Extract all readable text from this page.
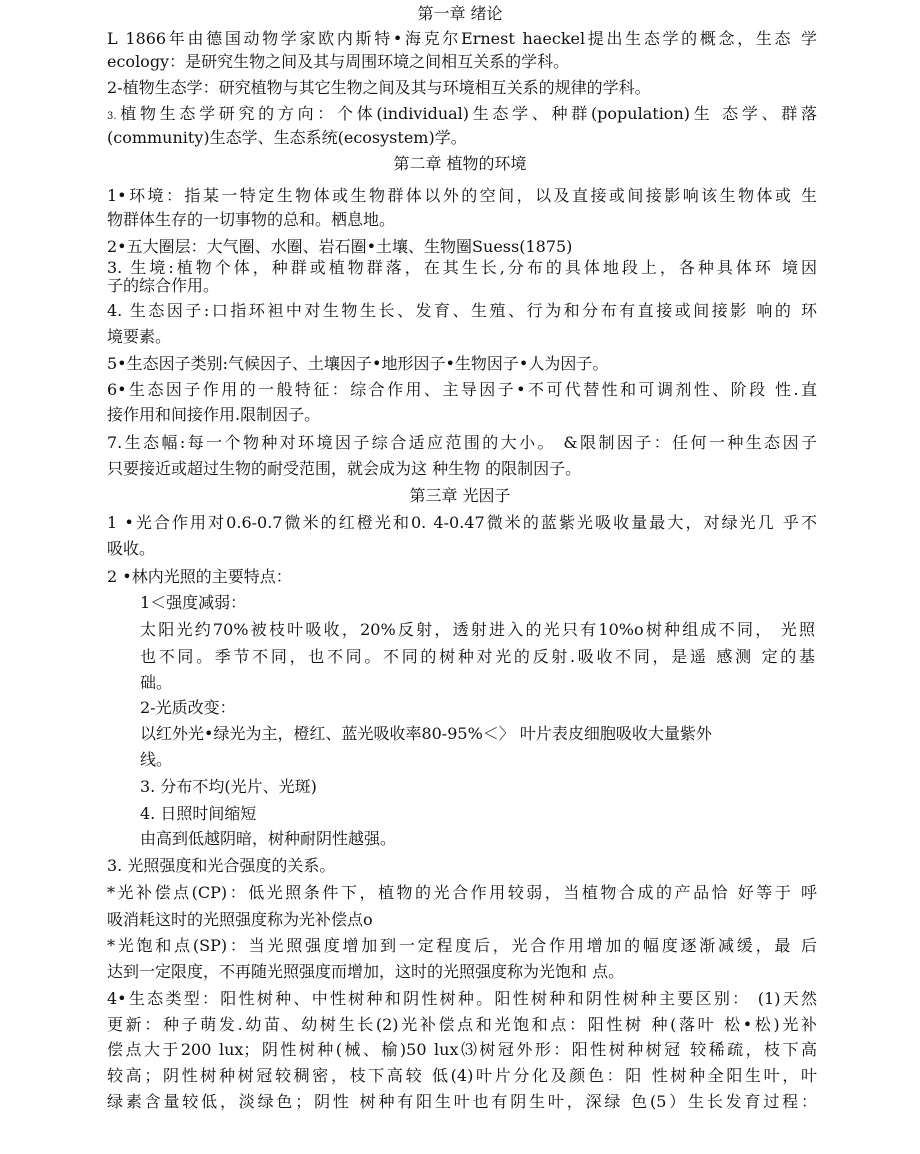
第一章 绪论

L 1866年由德国动物学家欧内斯特•海克尔Ernest haeckel提出生态学的概念，生态 学

ecology：是研究生物之间及其与周围环境之间相互关系的学科。

2-植物生态学：研究植物与其它生物之间及其与环境相互关系的规律的学科。

3.植物生态学研究的方向：个体(individual)生态学、种群(population)生 态学、群落

(community)生态学、生态系统(ecosystem)学。

第二章 植物的环境

1•环境：指某一特定生物体或生物群体以外的空间，以及直接或间接影响该生物体或 生

物群体生存的一切事物的总和。栖息地。

2•五大圈层：大气圈、水圈、岩石圈•土壤、生物圈Suess(1875)

3. 生境:植物个体，种群或植物群落，在其生长,分布的具体地段上，各种具体环 境因

子的综合作用。

4. 生态因子:口指环袒中对生物生长、发育、生殖、行为和分布有直接或间接影 响的 环

境要素。

5•生态因子类别:气候因子、土壤因子•地形因子•生物因子•人为因子。

6•生态因子作用的一般特征：综合作用、主导因子•不可代替性和可调剂性、阶段 性.直

接作用和间接作用.限制因子。

7.生态幅:每一个物种对环境因子综合适应范围的大小。 &限制因子：任何一种生态因子

只要接近或超过生物的耐受范围，就会成为这 种生物 的限制因子。

第三章 光因子

1 •光合作用对0.6-0.7微米的红橙光和0. 4-0.47微米的蓝紫光吸收量最大，对绿光几 乎不

吸收。

2 •林内光照的主要特点：

1＜强度减弱：

太阳光约70%被枝叶吸收，20%反射，透射进入的光只有10%o树种组成不同， 光照

也不同。季节不同，也不同。不同的树种对光的反射.吸收不同，是遥 感测 定的基

础。

2-光质改变：

以红外光•绿光为主，橙红、蓝光吸收率80-95%＜〉 叶片表皮细胞吸收大量紫外

线。

3. 分布不均(光片、光斑)

4. 日照时间缩短

由高到低越阴暗，树种耐阴性越强。

3. 光照强度和光合强度的关系。

*光补偿点(CP)：低光照条件下，植物的光合作用较弱，当植物合成的产品恰 好等于 呼

吸消耗这时的光照强度称为光补偿点o

*光饱和点(SP)：当光照强度增加到一定程度后，光合作用增加的幅度逐渐减缓，最 后

达到一定限度，不再随光照强度而增加，这时的光照强度称为光饱和 点。

4•生态类型：阳性树种、中性树种和阴性树种。阳性树种和阴性树种主要区别： (1)天然

更新：种子萌发.幼苗、幼树生长(2)光补偿点和光饱和点：阳性树 种(落叶 松•松)光补

偿点大于200 lux；阴性树种(械、榆)50 lux⑶树冠外形：阳性树种树冠 较稀疏，枝下高

较高；阴性树种树冠较稠密，枝下高较 低(4)叶片分化及颜色：阳 性树种全阳生叶，叶

绿素含量较低，淡绿色；阴性 树种有阳生叶也有阴生叶，深绿 色(5）生长发育过程：
